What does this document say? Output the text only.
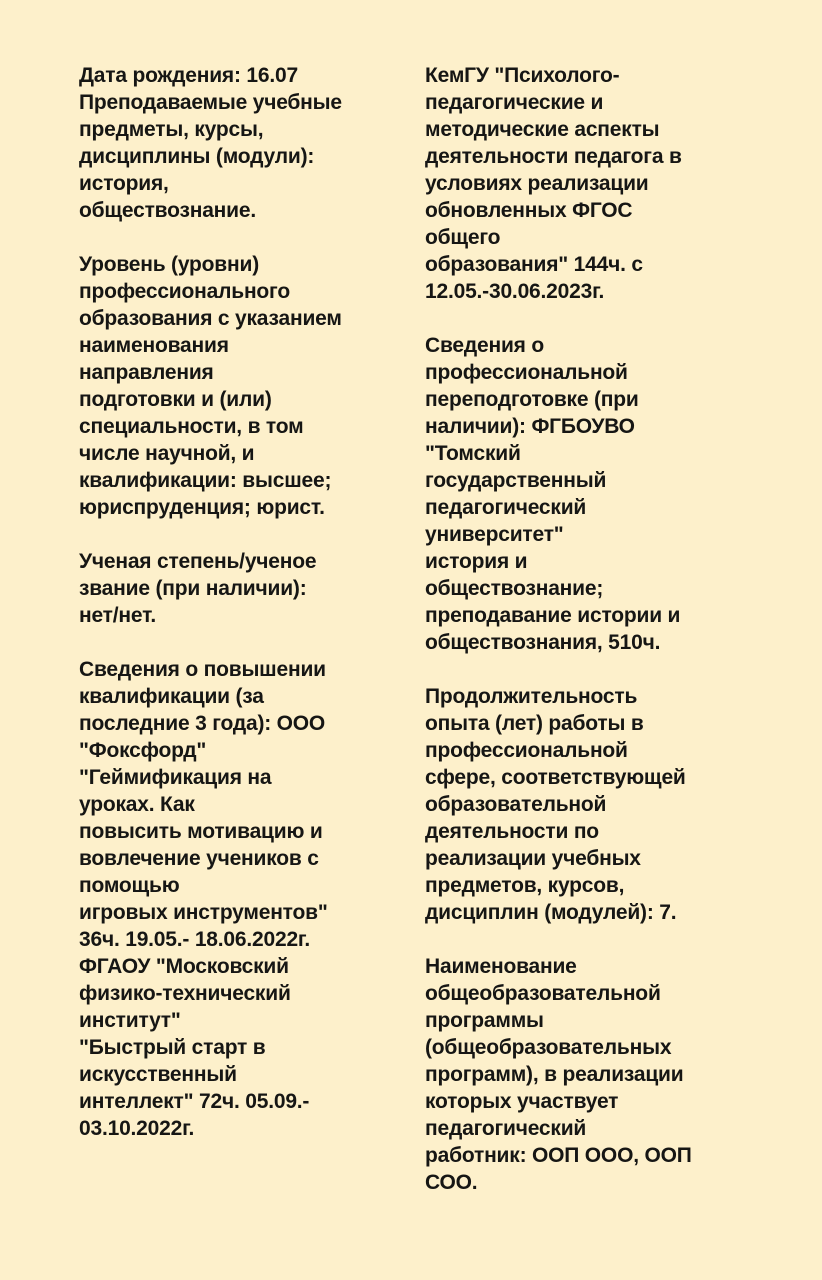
Дата рождения: 16.07
Преподаваемые учебные
предметы, курсы,
дисциплины (модули):
история,
обществознание.
Уровень (уровни)
профессионального
образования с указанием
наименования
направления
подготовки и (или)
специальности, в том
числе научной, и
квалификации: высшее;
юриспруденция; юрист.
Ученая степень/ученое
звание (при наличии):
нет/нет.
Сведения о повышении
квалификации (за
последние 3 года): ООО
"Фоксфорд"
"Геймификация на
уроках. Как
повысить мотивацию и
вовлечение учеников с
помощью
игровых инструментов"
36ч. 19.05.- 18.06.2022г.
ФГАОУ "Московский
физико-технический
институт"
"Быстрый старт в
искусственный
интеллект" 72ч. 05.09.-
03.10.2022г.
КемГУ "Психолого-
педагогические и
методические аспекты
деятельности педагога в
условиях реализации
обновленных ФГОС
общего
образования" 144ч. с
12.05.-30.06.2023г.
Сведения о
профессиональной
переподготовке (при
наличии): ФГБОУВО
"Томский
государственный
педагогический
университет"
история и
обществознание;
преподавание истории и
обществознания, 510ч.
Продолжительность
опыта (лет) работы в
профессиональной
сфере, соответствующей
образовательной
деятельности по
реализации учебных
предметов, курсов,
дисциплин (модулей): 7.
Наименование
общеобразовательной
программы
(общеобразовательных
программ), в реализации
которых участвует
педагогический
работник: ООП ООО, ООП
СОО.
